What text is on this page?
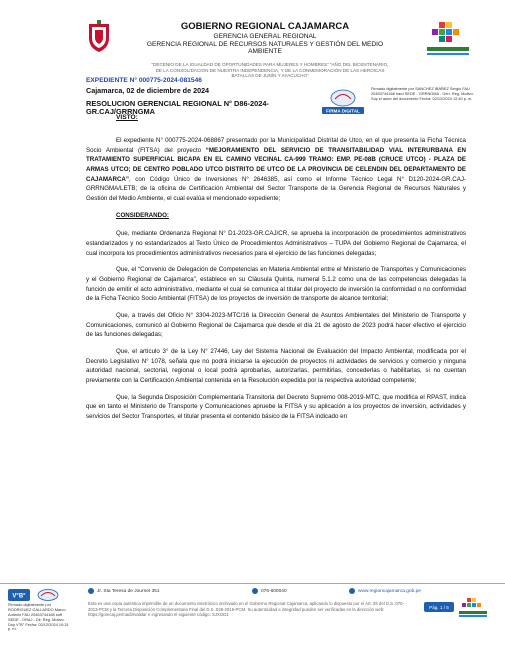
GOBIERNO REGIONAL CAJAMARCA
GERENCIA GENERAL REGIONAL
GERENCIA REGIONAL DE RECURSOS NATURALES Y GESTIÓN DEL MEDIO AMBIENTE
“DECENIO DE LA IGUALDAD DE OPORTUNIDADES PARA MUJERES Y HOMBRES” “AÑO DEL BICENTENARIO, DE LA CONSOLIDACIÓN DE NUESTRA INDEPENDENCIA, Y DE LA CONMEMORACIÓN DE LAS HEROICAS BATALLAS DE JUNÍN Y AYACUCHO”
EXPEDIENTE N° 000775-2024-081546
Cajamarca, 02 de diciembre de 2024
RESOLUCION GERENCIAL REGIONAL N° D86-2024-GR.CAJ/GRRNGMA
VISTO:
FIRMA DIGITAL
Firmado digitalmente por SANCHEZ IBAÑEZ Sergio FAU 20453744168 hard SEDE - GRRNGMA - Gen. Reg. Motivo: Soy el autor del documento Fecha: 02/12/2024 12:40 p. m.

El expediente N° 000775-2024-068867 presentado por la Municipalidad Distrital de Utco, en el que presenta la Ficha Técnica Socio Ambiental (FITSA) del proyecto “MEJORAMIENTO DEL SERVICIO DE TRANSITABILIDAD VIAL INTERURBANA EN TRATAMIENTO SUPERFICIAL BICAPA EN EL CAMINO VECINAL CA-999 TRAMO: EMP. PE-08B (CRUCE UTCO) - PLAZA DE ARMAS UTCO; DE CENTRO POBLADO UTCO DISTRITO DE UTCO DE LA PROVINCIA DE CELENDIN DEL DEPARTAMENTO DE CAJAMARCA”, con Código Único de Inversiones N° 2646385, así como el Informe Técnico Legal N° D120-2024-GR.CAJ-GRRNGMA/LETB; de la oficina de Certificación Ambiental del Sector Transporte de la Gerencia Regional de Recursos Naturales y Gestión del Medio Ambiente, el cual evalúa el mencionado expediente;

CONSIDERANDO:

Que, mediante Ordenanza Regional N° D1-2023-GR.CAJ/CR, se aprueba la incorporación de procedimientos administrativos estandarizados y no estandarizados al Texto Único de Procedimientos Administrativos – TUPA del Gobierno Regional de Cajamarca, el cual incorpora los procedimientos administrativos necesarios para el ejercicio de las funciones delegadas;

Que, el “Convenio de Delegación de Competencias en Materia Ambiental entre el Ministerio de Transportes y Comunicaciones y el Gobierno Regional de Cajamarca”, establece en su Cláusula Quinta, numeral 5.1.2 como una de las competencias delegadas la función de emitir el acto administrativo, mediante el cual se comunica al titular del proyecto de inversión la conformidad o no conformidad de la Ficha Técnico Socio Ambiental (FITSA) de los proyectos de inversión de transporte de alcance territorial;

Que, a través del Oficio N° 3304-2023-MTC/16 la Dirección General de Asuntos Ambientales del Ministerio de Transporte y Comunicaciones, comunicó al Gobierno Regional de Cajamarca que desde el día 21 de agosto de 2023 podrá hacer efectivo el ejercicio de las funciones delegadas;

Que, el artículo 3° de la Ley N° 27446, Ley del Sistema Nacional de Evaluación del Impacto Ambiental, modificada por el Decreto Legislativo N° 1078, señala que no podrá iniciarse la ejecución de proyectos ni actividades de servicios y comercio y ninguna autoridad nacional, sectorial, regional o local podrá aprobarlas, autorizarlas, permitirlas, concederlas o habilitarlas, si no cuentan previamente con la Certificación Ambiental contenida en la Resolución expedida por la respectiva autoridad competente;

Que, la Segunda Disposición Complementaria Transitoria del Decreto Supremo 008-2019-MTC, que modifica el RPAST, indica que en tanto el Ministerio de Transporte y Comunicaciones apruebe la FITSA y su aplicación a los proyectos de inversión, actividades y servicios del Sector Transportes, el titular presenta el contenido básico de la FITSA indicado en

V°B°
Firmado digitalmente por RODRIGUEZ GALLARDO Marco Antonio FAU 20453744168 soft SEDE - ORAJ - Dir. Reg. Motivo: Doy V°B° Fecha: 02/12/2024 10:31 p. m.
Jr. Sta Teresa de Journet 351	076-600040	www.regioncajamarca.gob.pe
Esta es una copia auténtica imprimible de un documento electrónico archivado en el Gobierno Regional Cajamarca, aplicando lo dispuesto por el Art. 25 del D.S. 070-2013-PCM y la Tercera Disposición Complementaria Final del D.S. 026-2016-PCM. Su autenticidad e integridad pueden ser verificadas en la dirección web: https://goreсaj.pe/mad3/validar e ingresando el siguiente código: SJXGD1
Pág. 1 / 5
